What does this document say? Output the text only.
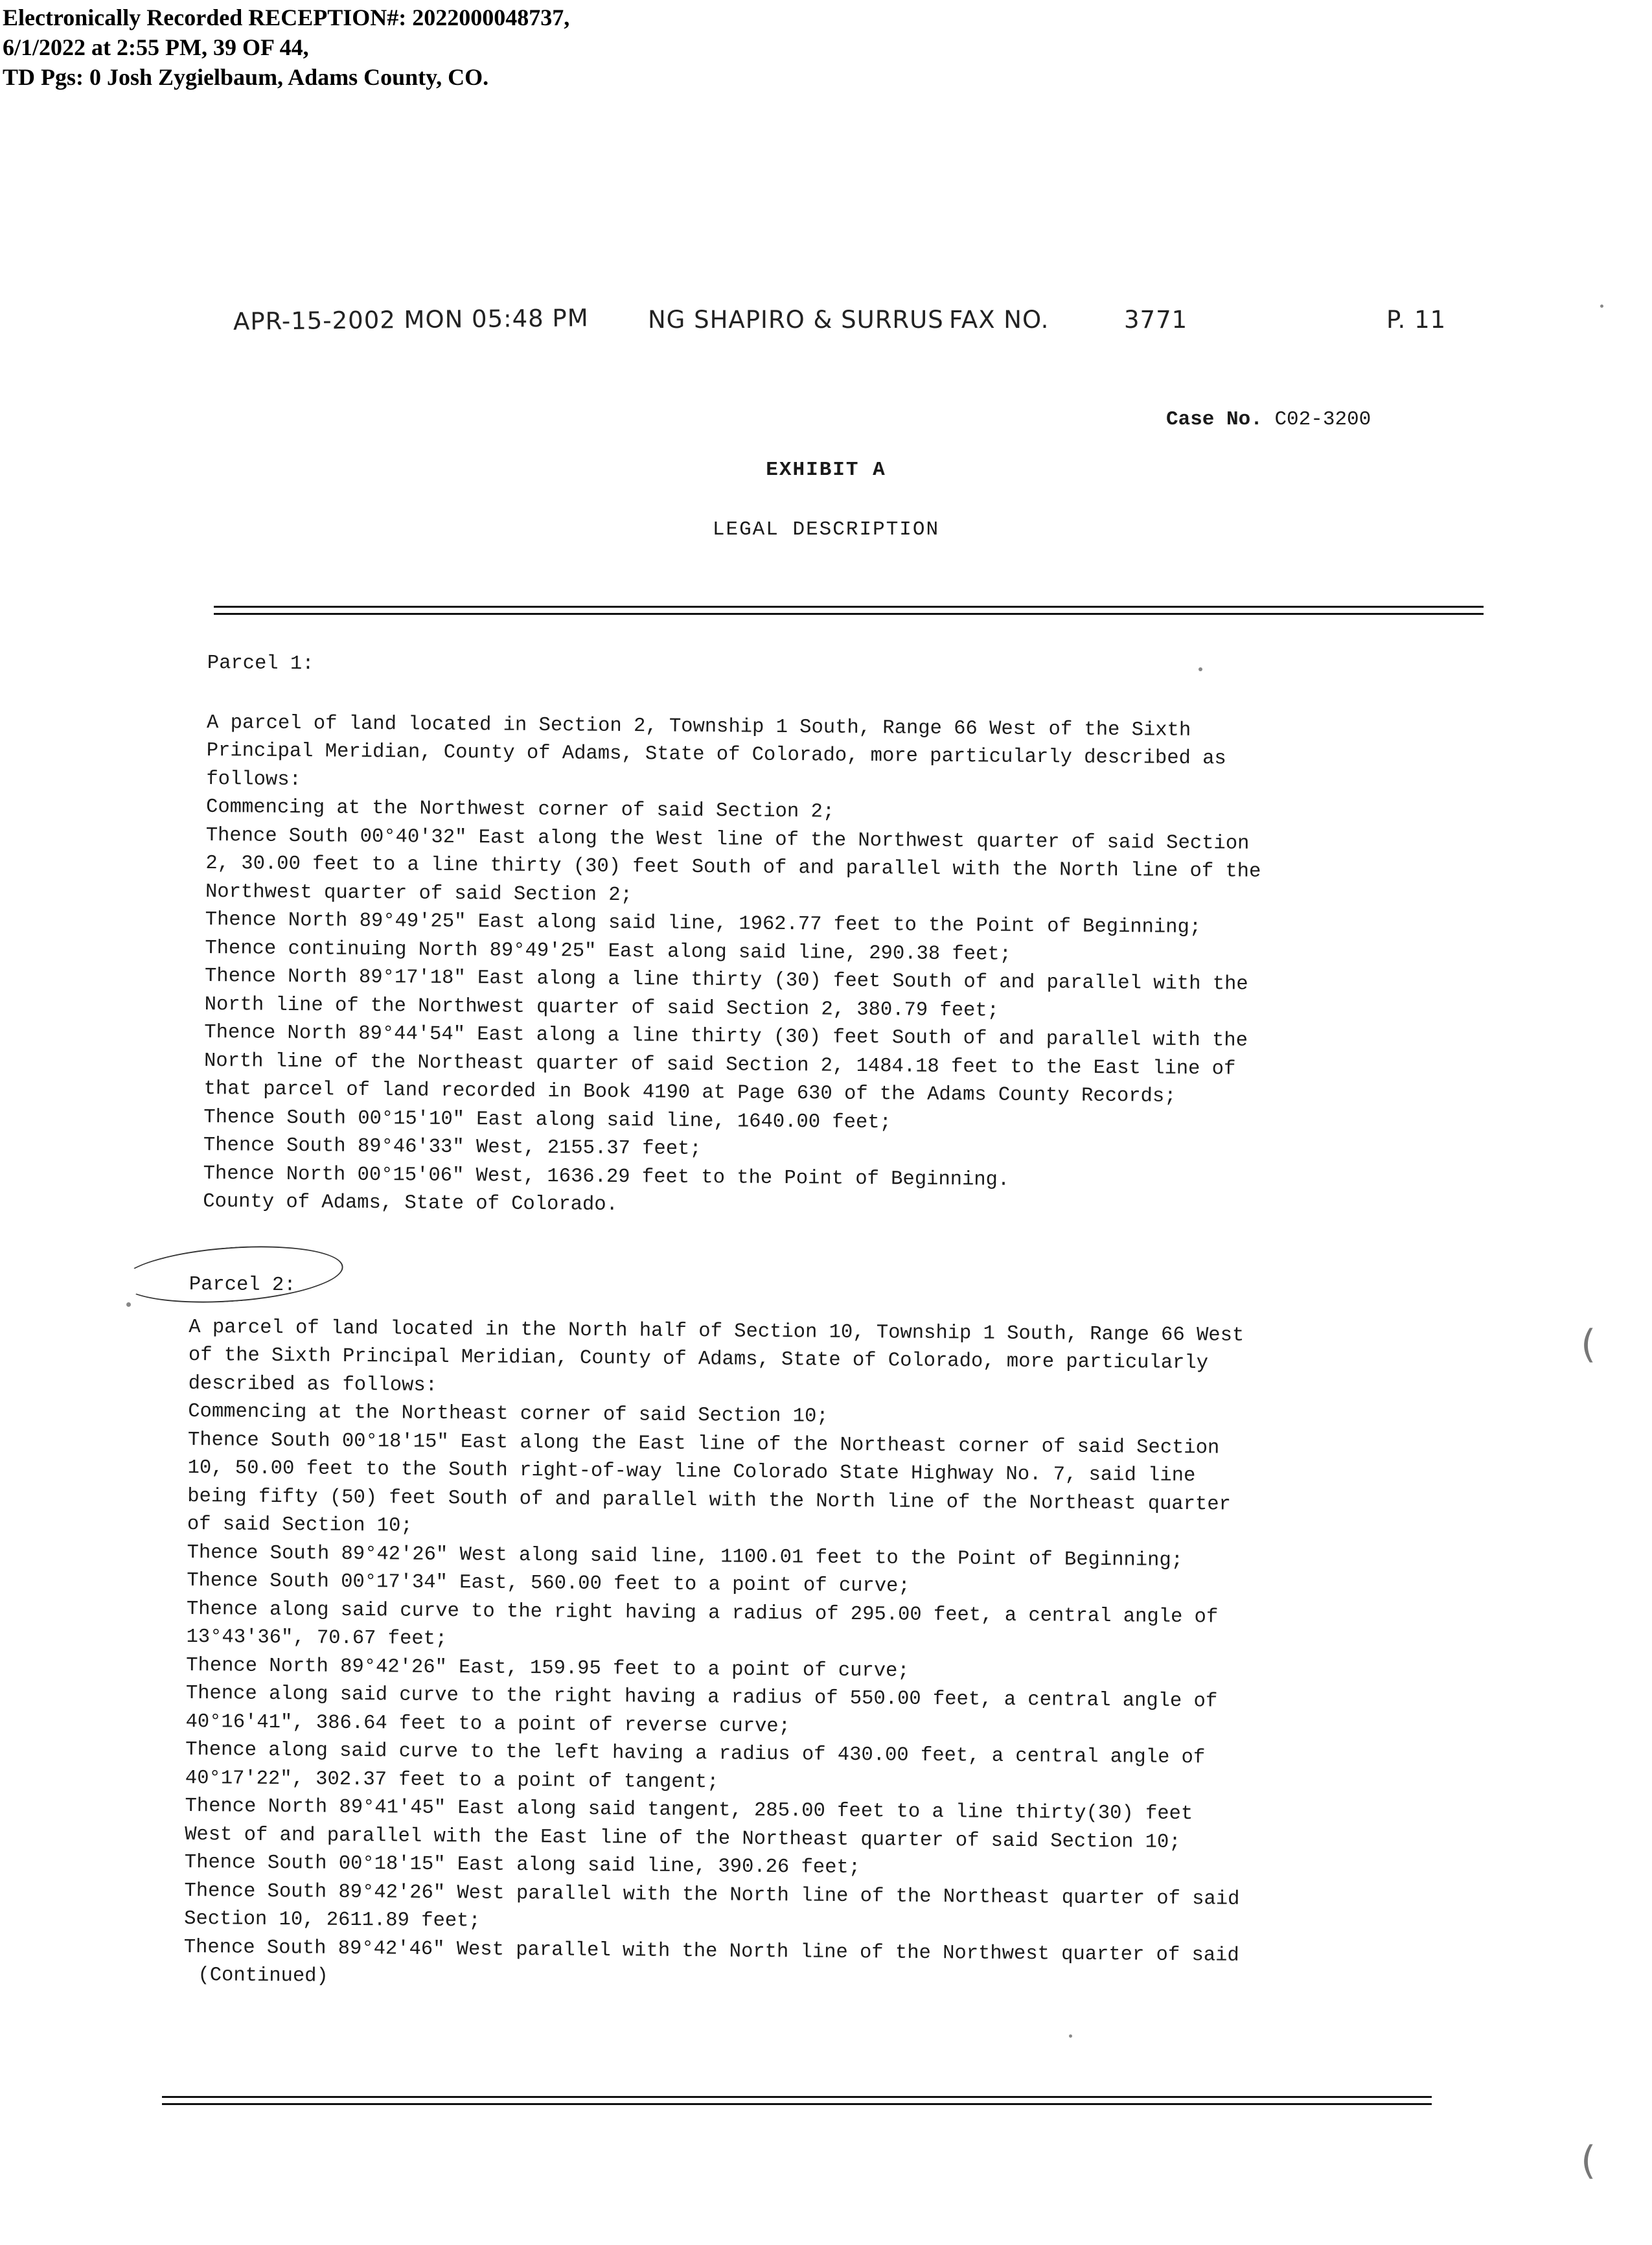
Electronically Recorded RECEPTION#: 2022000048737,
6/1/2022 at 2:55 PM, 39 OF 44,
TD Pgs: 0 Josh Zygielbaum, Adams County, CO.
APR-15-2002 MON 05:48 PM NG SHAPIRO & SURRUS FAX NO.	3771	P. 11
Case No. C02-3200
EXHIBIT A
LEGAL DESCRIPTION
Parcel 1:
A parcel of land located in Section 2, Township 1 South, Range 66 West of the Sixth
Principal Meridian, County of Adams, State of Colorado, more particularly described as
follows:
Commencing at the Northwest corner of said Section 2;
Thence South 00°40'32" East along the West line of the Northwest quarter of said Section
2, 30.00 feet to a line thirty (30) feet South of and parallel with the North line of the
Northwest quarter of said Section 2;
Thence North 89°49'25" East along said line, 1962.77 feet to the Point of Beginning;
Thence continuing North 89°49'25" East along said line, 290.38 feet;
Thence North 89°17'18" East along a line thirty (30) feet South of and parallel with the
North line of the Northwest quarter of said Section 2, 380.79 feet;
Thence North 89°44'54" East along a line thirty (30) feet South of and parallel with the
North line of the Northeast quarter of said Section 2, 1484.18 feet to the East line of
that parcel of land recorded in Book 4190 at Page 630 of the Adams County Records;
Thence South 00°15'10" East along said line, 1640.00 feet;
Thence South 89°46'33" West, 2155.37 feet;
Thence North 00°15'06" West, 1636.29 feet to the Point of Beginning.
County of Adams, State of Colorado.
Parcel 2:
A parcel of land located in the North half of Section 10, Township 1 South, Range 66 West
of the Sixth Principal Meridian, County of Adams, State of Colorado, more particularly
described as follows:
Commencing at the Northeast corner of said Section 10;
Thence South 00°18'15" East along the East line of the Northeast corner of said Section
10, 50.00 feet to the South right-of-way line Colorado State Highway No. 7, said line
being fifty (50) feet South of and parallel with the North line of the Northeast quarter
of said Section 10;
Thence South 89°42'26" West along said line, 1100.01 feet to the Point of Beginning;
Thence South 00°17'34" East, 560.00 feet to a point of curve;
Thence along said curve to the right having a radius of 295.00 feet, a central angle of
13°43'36", 70.67 feet;
Thence North 89°42'26" East, 159.95 feet to a point of curve;
Thence along said curve to the right having a radius of 550.00 feet, a central angle of
40°16'41", 386.64 feet to a point of reverse curve;
Thence along said curve to the left having a radius of 430.00 feet, a central angle of
40°17'22", 302.37 feet to a point of tangent;
Thence North 89°41'45" East along said tangent, 285.00 feet to a line thirty(30) feet
West of and parallel with the East line of the Northeast quarter of said Section 10;
Thence South 00°18'15" East along said line, 390.26 feet;
Thence South 89°42'26" West parallel with the North line of the Northeast quarter of said
Section 10, 2611.89 feet;
Thence South 89°42'46" West parallel with the North line of the Northwest quarter of said
(Continued)
(
(
